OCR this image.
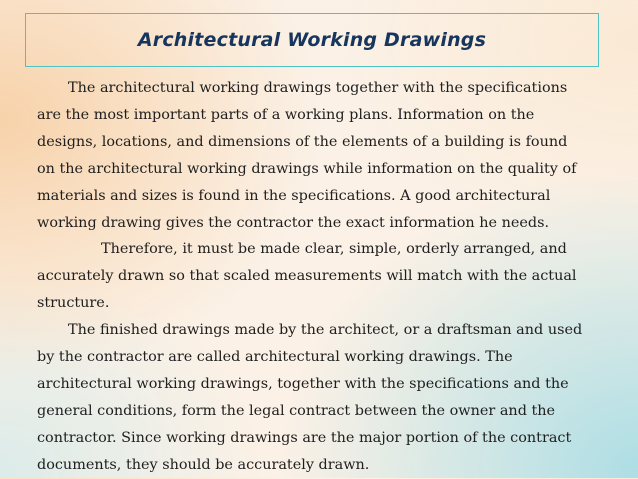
Architectural Working Drawings
The architectural working drawings together with the specifications
are the most important parts of a working plans. Information on the
designs, locations, and dimensions of the elements of a building is found
on the architectural working drawings while information on the quality of
materials and sizes is found in the specifications. A good architectural
working drawing gives the contractor the exact information he needs.
Therefore, it must be made clear, simple, orderly arranged, and
accurately drawn so that scaled measurements will match with the actual
structure.
The finished drawings made by the architect, or a draftsman and used
by the contractor are called architectural working drawings. The
architectural working drawings, together with the specifications and the
general conditions, form the legal contract between the owner and the
contractor. Since working drawings are the major portion of the contract
documents, they should be accurately drawn.
